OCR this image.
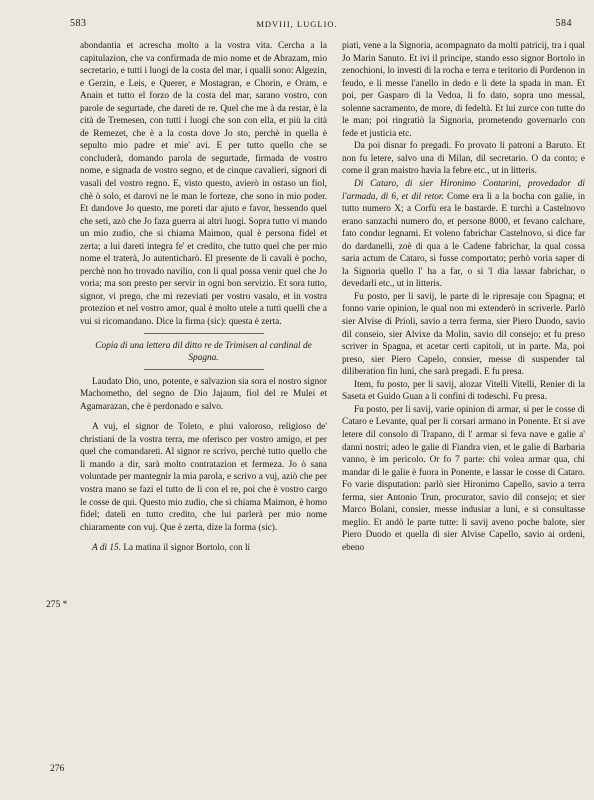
583	MDVIII, LUGLIO.	584

abondantia et acrescha molto a la vostra vita. Cercha a la capitulazion, che va confirmada de mio nome et de Abrazam, mio secretario, e tutti i luogi de la costa del mar, i qualli sono: Algezin, e Gerzin, e Leis, e Querer, e Mostagran, e Chorin, e Oram, e Anain et tutto el forzo de la costa del mar, sarano vostro, con parole de segurtade, che dareti de re. Quel che me à da restar, è la cità de Tremesen, con tutti i luogi che son con ella, et più la cità de Remezet, che è a la costa dove Jo sto, perchè in quella è sepulto mio padre et mie' avi. E per tutto quello che se concluderà, domando parola de segurtade, firmada de vostro nome, e signada de vostro segno, et de cinque cavalieri, signori di vasali del vostro regno. E, visto questo, avierò in ostaso un fiol, chè ò solo, et darovi ne le man le forteze, che sono in mio poder. Et dandove Jo questo, me poreti dar ajuto e favor, hessendo quel che seti, azò che Jo faza guerra ai altri luogi. Sopra tutto vi mando un mio zudio, che si chiama Maimon, qual è persona fidel et zerta; a lui dareti integra fe' et credito, che tutto quel che per mio nome el traterà, Jo autenticharò. El presente de li cavali è pocho, perchè non ho trovado navilio, con li qual possa venir quel che Jo voria; ma son presto per servir in ogni bon servizio. Et sora tutto, signor, vi prego, che mi rezeviati per vostro vasalo, et in vostra protezion et nel vostro amor, qual è molto utele a tutti quelli che a vui si ricomandano. Dice la firma (sic): questa è zerta.

Copia di una lettera dil ditto re de Trimisen al cardinal de Spagna.

Laudato Dio, uno, potente, e salvazion sia sora el nostro signor Machometho, del segno de Dio Jajaum, fiol del re Mulei et Agamarazan, che è perdonado e salvo.

A vuj, el signor de Toleto, e plui valoroso, religioso de' christiani de la vostra terra, me oferisco per vostro amigo, et per quel che comandareti. Al signor re scrivo, perchè tutto quello che li mando a dir, sarà molto contratazion et fermeza. Jo ò sana voluntade per mantegnir la mia parola, e scrivo a vuj, aziò che per vostra mano se fazi el tutto de li con el re, poi che è vostro cargo le cosse de qui. Questo mio zudio, che si chiama Maimon, è homo fidel; dateli en tutto credito, che lui parlerà per mio nome chiaramente con vuj. Que è zerta, dize la forma (sic).

A dì 15. La matina il signor Bortolo, con li

275 *
276

piati, vene a la Signoria, acompagnato da molti patricij, tra i qual Jo Marin Sanuto. Et ivi il principe, stando esso signor Bortolo in zenochioni, lo investì di la rocha e terra e teritorio di Pordenon in feudo, e li messe l'anello in dedo e li dete la spada in man. Et poi, per Gasparo di la Vedoa, li fo dato, sopra uno messal, solenne sacramento, de more, di fedeltà. Et lui zurce con tutte do le man; poi ringratiò la Signoria, prometendo governarlo con fede et justicia etc.

Da poi disnar fo pregadi. Fo provato li patroni a Baruto. Et non fu letere, salvo una di Milan, dil secretario. O da conto; e come il gran maistro havia la febre etc., ut in litteris.

Di Cataro, di sier Hironimo Contarini, provedador di l'armada, di 6, et dil retor. Come era lì a la bocha con galie, in tutto numero X; a Corfù era le bastarde. E turchi a Castelnovo erano sanzachi numero do, et persone 8000, et fevano calchare, fato condur legnami. Et voleno fabrichar Castelnovo, si dice far do dardanelli, zoè di qua a le Cadene fabrichar, la qual cossa saria actum de Cataro, si fusse comportato; perhò voria saper di la Signoria quello l' ha a far, o si 'l dia lassar fabrichar, o devedarli etc., ut in litteris.

Fu posto, per li savij, le parte di le ripresaje con Spagna; et fonno varie opinion, le qual non mi extenderò in scriverle. Parlò sier Alvise di Prioli, savio a terra ferma, sier Piero Duodo, savio dil conseio, sier Alvixe da Molin, savio dil consejo; et fu preso scriver in Spagna, et acetar certi capitoli, ut in parte. Ma, poi preso, sier Piero Capelo, consier, messe di suspender tal diliberation fin luni, che sarà pregadi. E fu presa.

Item, fu posto, per li savij, alozar Vitelli Vitelli, Renier di la Saseta et Guido Guan a li confini di todeschi. Fu presa.

Fu posto, per li savij, varie opinion di armar, si per le cosse di Cataro e Levante, qual per li corsari armano in Ponente. Et si ave letere dil consolo di Trapano, di l' armar si feva nave e galie a' danni nostri; adeo le galie di Fiandra vien, et le galie di Barbaria vanno, è im pericolo. Or fo 7 parte: chi volea armar qua, chi mandar di le galie è fuora in Ponente, e lassar le cosse di Cataro. Fo varie disputation: parlò sier Hironimo Capello, savio a terra ferma, sier Antonio Trun, procurator, savio dil consejo; et sier Marco Bolani, consier, messe indusiar a luni, e si consultasse meglio. Et andò le parte tutte: li savij aveno poche balote, sier Piero Duodo et quella di sier Alvise Capello, savio ai ordeni, ebeno
